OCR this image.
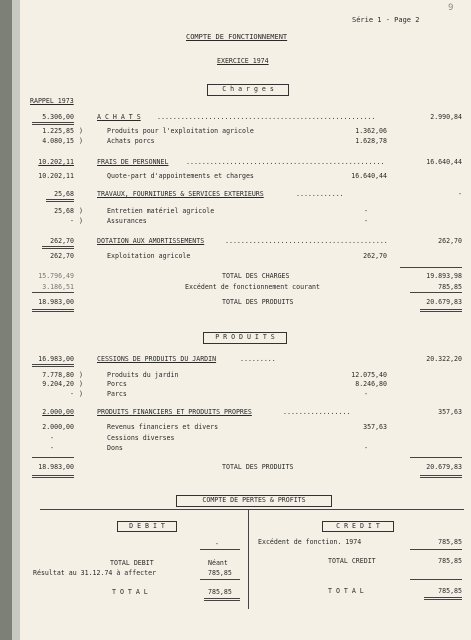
Série 1 - Page 2
9
COMPTE DE FONCTIONNEMENT
EXERCICE 1974
C h a r g e s
RAPPEL 1973
5.306,00	A C H A T S .......................................................	2.990,84
1.225,85 )	Produits pour l'exploitation agricole	1.362,06
4.080,15 )	Achats porcs	1.628,78
10.202,11	FRAIS DE PERSONNEL	..................................................	16.640,44
10.202,11	Quote-part d'appointements et charges	16.640,44
25,68	TRAVAUX, FOURNITURES & SERVICES EXTERIEURS	............	-
25,68 )	Entretien matériel agricole	-
- )	Assurances	-
262,70	DOTATION AUX AMORTISSEMENTS	.........................................	262,70
262,70	Exploitation agricole	262,70
15.796,49	TOTAL DES CHARGES	19.893,98
3.186,51	Excédent de fonctionnement courant	785,85
18.983,00	TOTAL DES PRODUITS	20.679,83
P R O D U I T S
16.983,00	CESSIONS DE PRODUITS DU JARDIN	.........	20.322,20
7.778,80 )	Produits du jardin	12.075,40
9.204,20 )	Porcs	8.246,80
- )	Parcs	-
2.000,00	PRODUITS FINANCIERS ET PRODUITS PROPRES	.................	357,63
2.000,00	Revenus financiers et divers	357,63
-	Cessions diverses
-	Dons	-
18.983,00	TOTAL DES PRODUITS	20.679,83
COMPTE DE PERTES & PROFITS
D E B I T	C R E D I T
-	Excédent de fonction. 1974	785,85
TOTAL DEBIT	Néant	TOTAL CREDIT	785,85
Résultat au 31.12.74 à affecter	785,85
T O T A L	785,85	T O T A L	785,85
